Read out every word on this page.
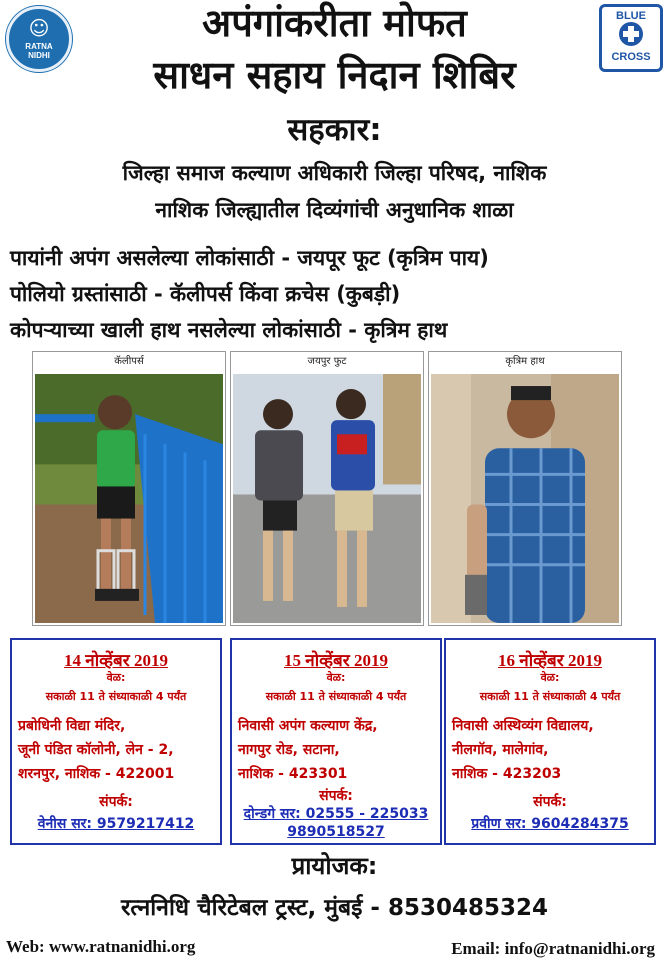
☺
RATNA
NIDHI
BLUE
CROSS
अपंगांकरीता मोफत
साधन सहाय निदान शिबिर
सहकार:
जिल्हा समाज कल्याण अधिकारी जिल्हा परिषद, नाशिक
नाशिक जिल्ह्यातील दिव्यंगांची अनुधानिक शाळा
पायांनी अपंग असलेल्या लोकांसाठी - जयपूर फूट (कृत्रिम पाय)
पोलियो ग्रस्तांसाठी - कॅलीपर्स किंवा क्रचेस (कुबड़ी)
कोपऱ्याच्या खाली हाथ नसलेल्या लोकांसाठी - कृत्रिम हाथ
कॅलीपर्स	जयपुर फुट	कृत्रिम हाथ
14 नोव्हेंबर 2019
वेळ:
सकाळी 11 ते संध्याकाळी 4 पर्यंत
प्रबोधिनी विद्या मंदिर,
जूनी पंडित कॉलोनी, लेन - 2,
शरनपुर, नाशिक - 422001
संपर्क:
वेनीस सर: 9579217412
15 नोव्हेंबर 2019
वेळ:
सकाळी 11 ते संध्याकाळी 4 पर्यंत
निवासी अपंग कल्याण केंद्र,
नागपुर रोड, सटाना,
नाशिक - 423301
संपर्क:
दोन्डगे सर: 02555 - 225033
9890518527
16 नोव्हेंबर 2019
वेळ:
सकाळी 11 ते संध्याकाळी 4 पर्यंत
निवासी अस्थिव्यंग विद्यालय,
नीलगॉव, मालेगांव,
नाशिक - 423203
संपर्क:
प्रवीण सर: 9604284375
प्रायोजक:
रत्ननिधि चैरिटेबल ट्रस्ट, मुंबई - 8530485324
Web: www.ratnanidhi.org	Email: info@ratnanidhi.org
